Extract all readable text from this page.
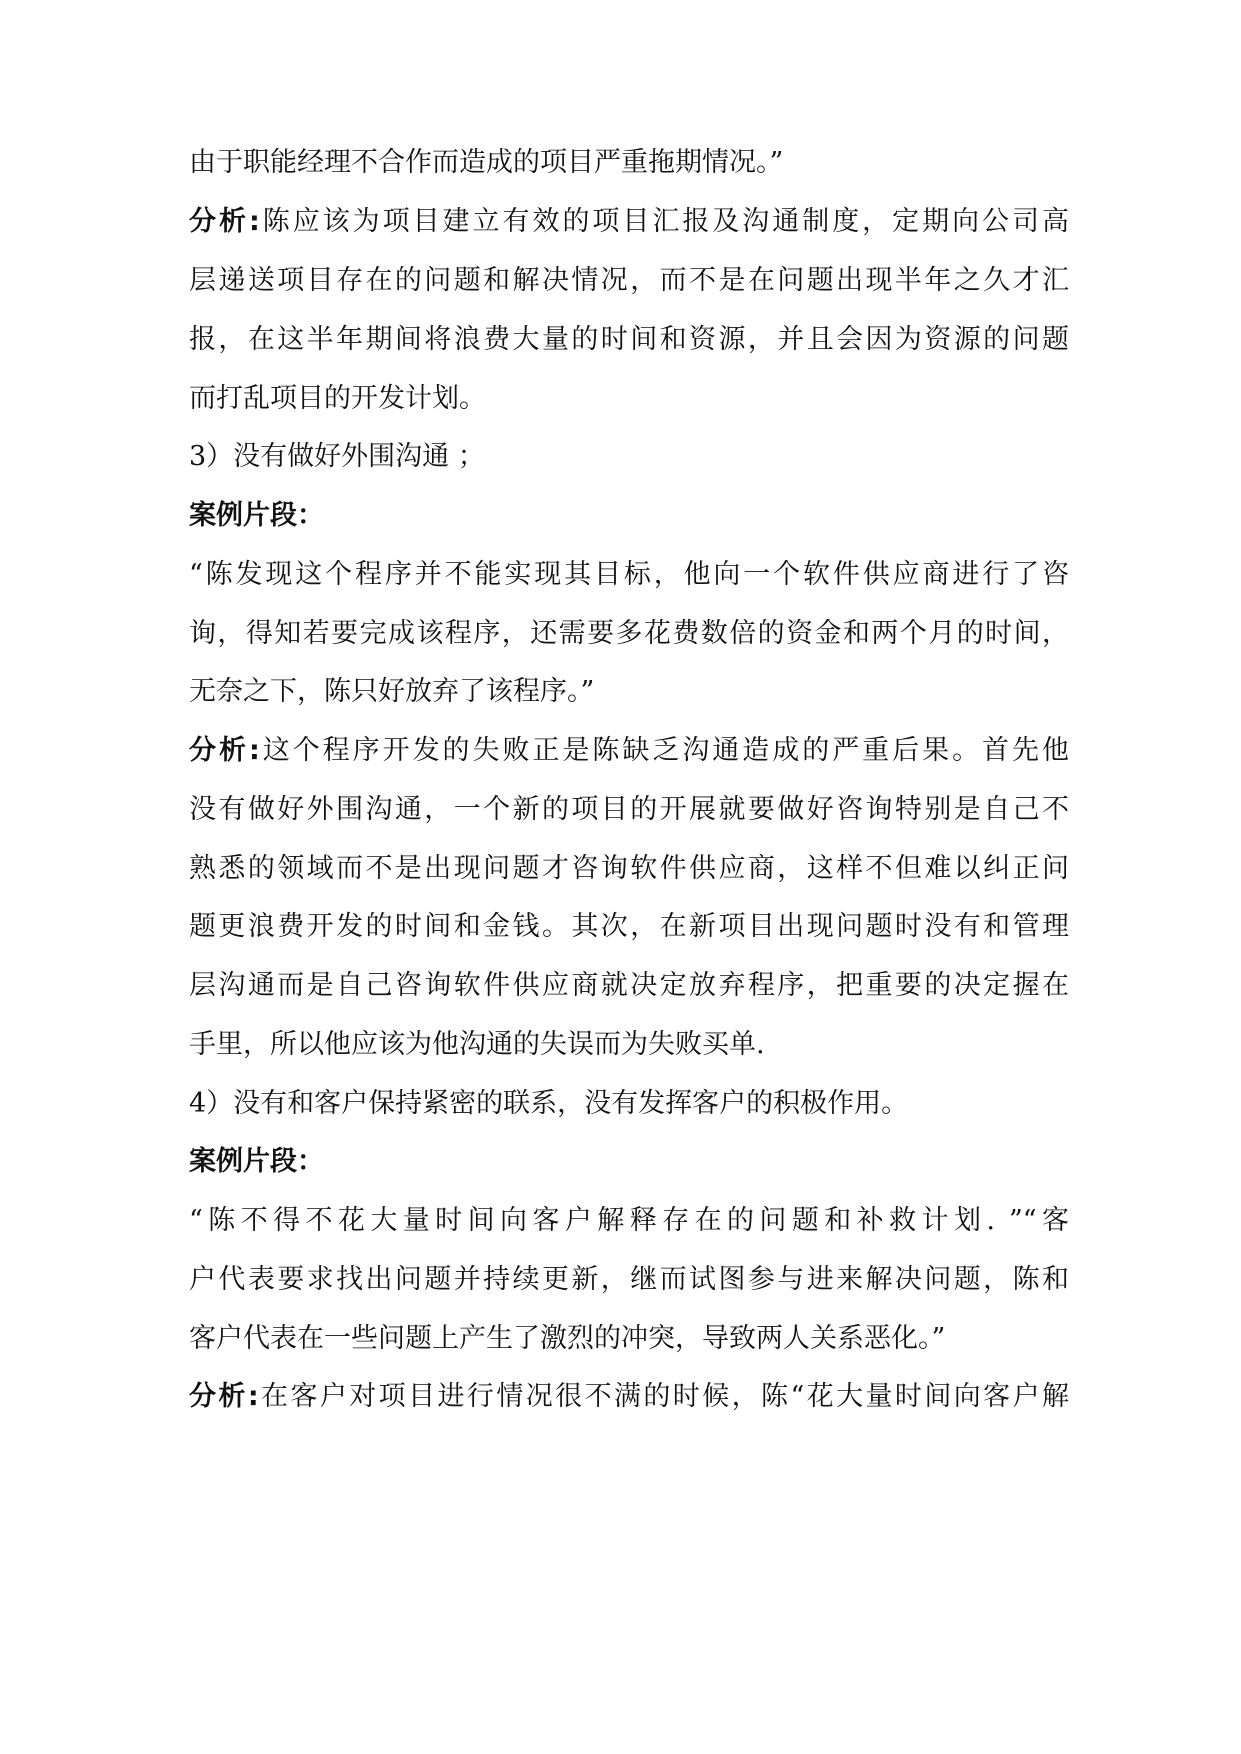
由于职能经理不合作而造成的项目严重拖期情况。”
分析:陈应该为项目建立有效的项目汇报及沟通制度，定期向公司高
层递送项目存在的问题和解决情况，而不是在问题出现半年之久才汇
报，在这半年期间将浪费大量的时间和资源，并且会因为资源的问题
而打乱项目的开发计划。
3）没有做好外围沟通 ；
案例片段：
“陈发现这个程序并不能实现其目标，他向一个软件供应商进行了咨
询，得知若要完成该程序，还需要多花费数倍的资金和两个月的时间，
无奈之下，陈只好放弃了该程序。”
分析:这个程序开发的失败正是陈缺乏沟通造成的严重后果。首先他
没有做好外围沟通，一个新的项目的开展就要做好咨询特别是自己不
熟悉的领域而不是出现问题才咨询软件供应商，这样不但难以纠正问
题更浪费开发的时间和金钱。其次，在新项目出现问题时没有和管理
层沟通而是自己咨询软件供应商就决定放弃程序，把重要的决定握在
手里，所以他应该为他沟通的失误而为失败买单.
4）没有和客户保持紧密的联系，没有发挥客户的积极作用。
案例片段：
“陈不得不花大量时间向客户解释存在的问题和补救计划. ”“客
户代表要求找出问题并持续更新，继而试图参与进来解决问题，陈和
客户代表在一些问题上产生了激烈的冲突，导致两人关系恶化。”
分析:在客户对项目进行情况很不满的时候，陈“花大量时间向客户解
